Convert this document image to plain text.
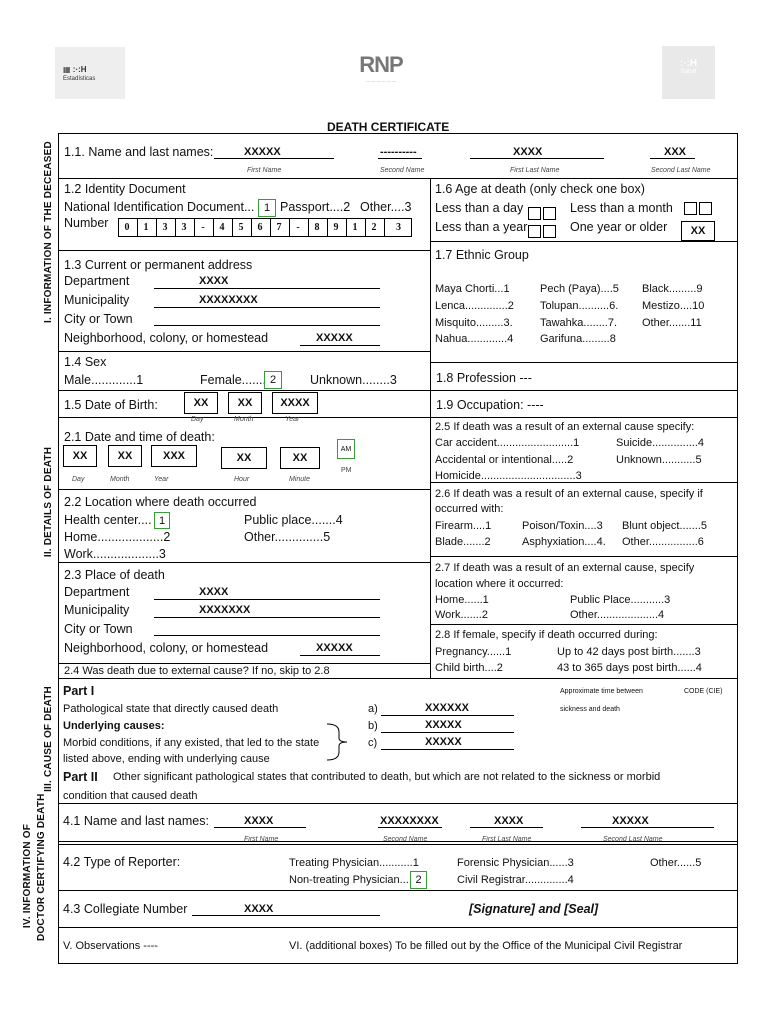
▦ :·:H
Estadísticas
RNP
— — — — — —
:·:H
Salud
DEATH CERTIFICATE
I. INFORMATION OF THE DECEASED
II. DETAILS OF DEATH
III. CAUSE OF DEATH
IV. INFORMATION OF DOCTOR CERTIFYING DEATH
1.1. Name and last names:	XXXXX
First Name
----------
Second Name
XXXX
First Last Name
XXX
Second Last Name
1.2 Identity Document
National Identification Document... 1 Passport....2 Other....3
Number	0	1	3	3	-	4	5	6	7	-	8	9	1	2	3
1.6 Age at death (only check one box)
Less than a day	Less than a month
Less than a year	One year or older	XX
1.3 Current or permanent address
Department	XXXX
Municipality	XXXXXXXX
City or Town
Neighborhood, colony, or homestead	XXXXX
1.7 Ethnic Group
Maya Chorti...1	Pech (Paya)....5 Black.........9
Lenca..............2 Tolupan..........6. Mestizo....10
Misquito.........3. Tawahka........7. Other.......11
Nahua.............4 Garifuna.........8
1.4 Sex
Male.............1	Female....... 2	Unknown........3	1.8 Profession ---
1.9 Occupation: ----
1.5 Date of Birth:	XX	XX	XXXX
Day	Month	Year
2.1 Date and time of death:
XX	XX	XXX	XX	XX
AM
PM
Day	Month	Year	Hour	Minute
2.5 If death was a result of an external cause specify:
Car accident.........................1	Suicide...............4
Accidental or intentional.....2	Unknown...........5
Homicide...............................3
2.2 Location where death occurred
Health center.... 1	Public place.......4
Home...................2	Other..............5
Work...................3
2.6 If death was a result of an external cause, specify if
occurred with:
Firearm....1	Poison/Toxin....3 Blunt object.......5
Blade.......2	Asphyxiation....4. Other................6
2.3 Place of death
Department	XXXX
Municipality	XXXXXXX
City or Town
Neighborhood, colony, or homestead	XXXXX
2.4 Was death due to external cause? If no, skip to 2.8
2.7 If death was a result of an external cause, specify
location where it occurred:
Home......1	Public Place...........3
Work.......2	Other....................4
2.8 If female, specify if death occurred during:
Pregnancy......1	Up to 42 days post birth.......3
Child birth....2	43 to 365 days post birth......4
Part I	Approximate time between
sickness and death
CODE (CIE)
Pathological state that directly caused death
Underlying causes:
Morbid conditions, if any existed, that led to the state
listed above, ending with underlying cause
a)	XXXXXX
b)	XXXXX
c)	XXXXX
Part II Other significant pathological states that contributed to death, but which are not related to the sickness or morbid
condition that caused death
4.1 Name and last names:	XXXX
First Name
XXXXXXXX
Second Name
XXXX
First Last Name
XXXXX
Second Last Name
4.2 Type of Reporter:	Treating Physician...........1	Forensic Physician......3	Other......5
Non-treating Physician.... 2	Civil Registrar..............4
4.3 Collegiate Number	XXXX	[Signature] and [Seal]
V. Observations ----	VI. (additional boxes) To be filled out by the Office of the Municipal Civil Registrar
